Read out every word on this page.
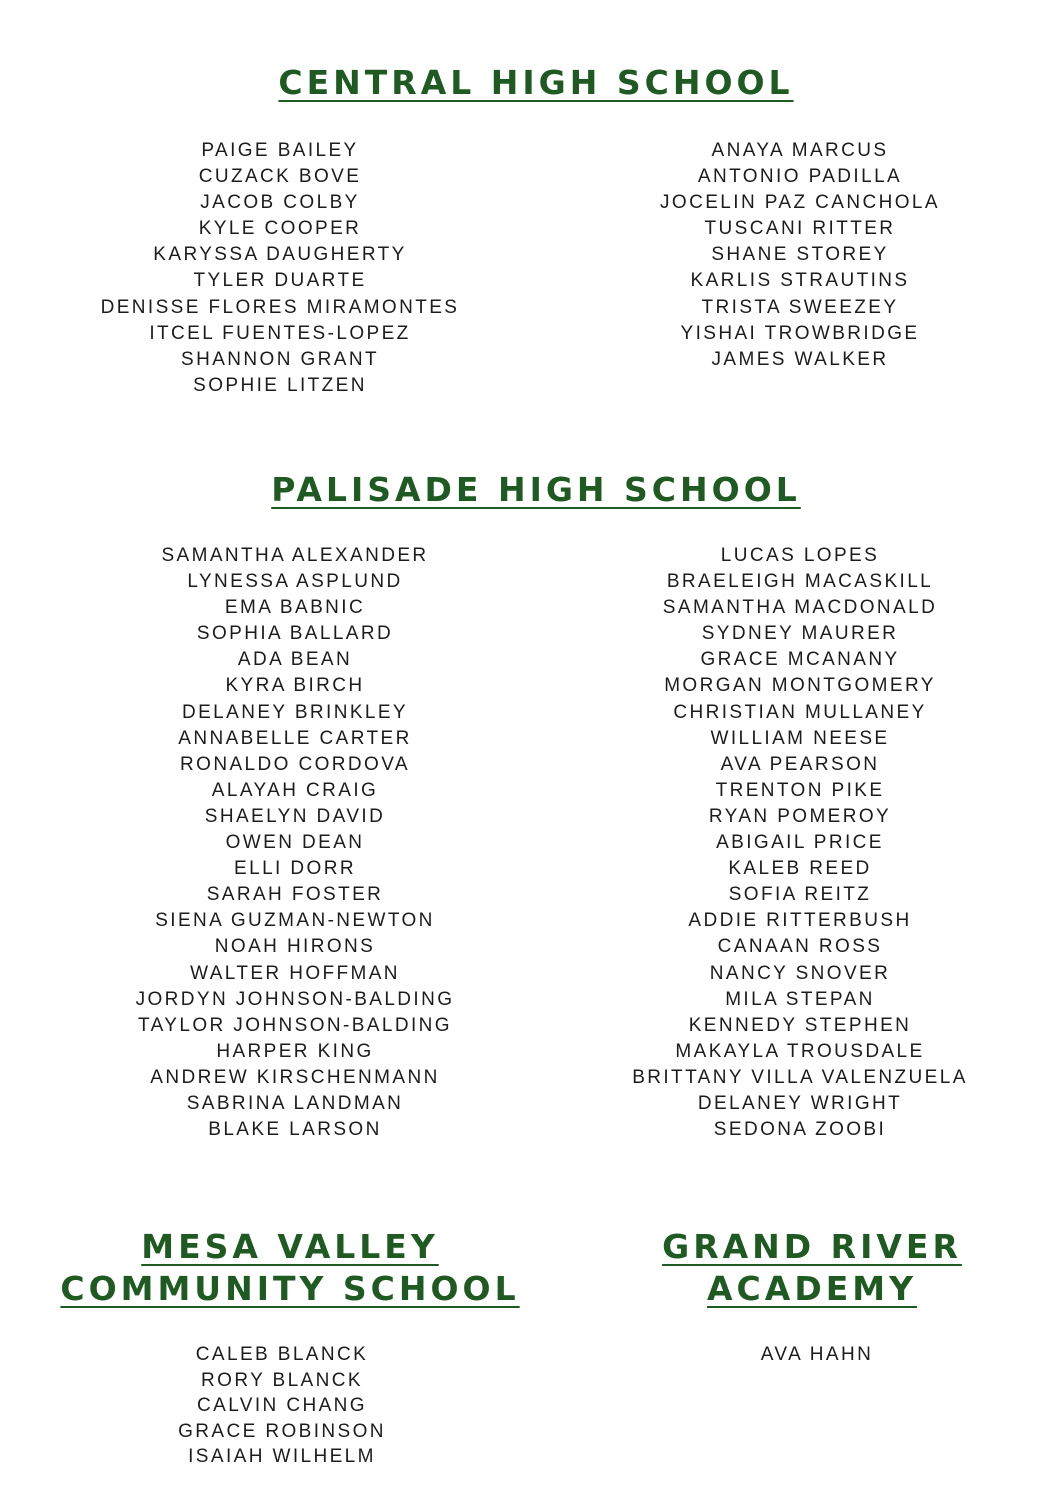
CENTRAL HIGH SCHOOL
PAIGE BAILEY
CUZACK BOVE
JACOB COLBY
KYLE COOPER
KARYSSA DAUGHERTY
TYLER DUARTE
DENISSE FLORES MIRAMONTES
ITCEL FUENTES-LOPEZ
SHANNON GRANT
SOPHIE LITZEN
ANAYA MARCUS
ANTONIO PADILLA
JOCELIN PAZ CANCHOLA
TUSCANI RITTER
SHANE STOREY
KARLIS STRAUTINS
TRISTA SWEEZEY
YISHAI TROWBRIDGE
JAMES WALKER
PALISADE HIGH SCHOOL
SAMANTHA ALEXANDER
LYNESSA ASPLUND
EMA BABNIC
SOPHIA BALLARD
ADA BEAN
KYRA BIRCH
DELANEY BRINKLEY
ANNABELLE CARTER
RONALDO CORDOVA
ALAYAH CRAIG
SHAELYN DAVID
OWEN DEAN
ELLI DORR
SARAH FOSTER
SIENA GUZMAN-NEWTON
NOAH HIRONS
WALTER HOFFMAN
JORDYN JOHNSON-BALDING
TAYLOR JOHNSON-BALDING
HARPER KING
ANDREW KIRSCHENMANN
SABRINA LANDMAN
BLAKE LARSON
LUCAS LOPES
BRAELEIGH MACASKILL
SAMANTHA MACDONALD
SYDNEY MAURER
GRACE MCANANY
MORGAN MONTGOMERY
CHRISTIAN MULLANEY
WILLIAM NEESE
AVA PEARSON
TRENTON PIKE
RYAN POMEROY
ABIGAIL PRICE
KALEB REED
SOFIA REITZ
ADDIE RITTERBUSH
CANAAN ROSS
NANCY SNOVER
MILA STEPAN
KENNEDY STEPHEN
MAKAYLA TROUSDALE
BRITTANY VILLA VALENZUELA
DELANEY WRIGHT
SEDONA ZOOBI
MESA VALLEY
COMMUNITY SCHOOL
GRAND RIVER
ACADEMY
CALEB BLANCK
RORY BLANCK
CALVIN CHANG
GRACE ROBINSON
ISAIAH WILHELM
AVA HAHN
